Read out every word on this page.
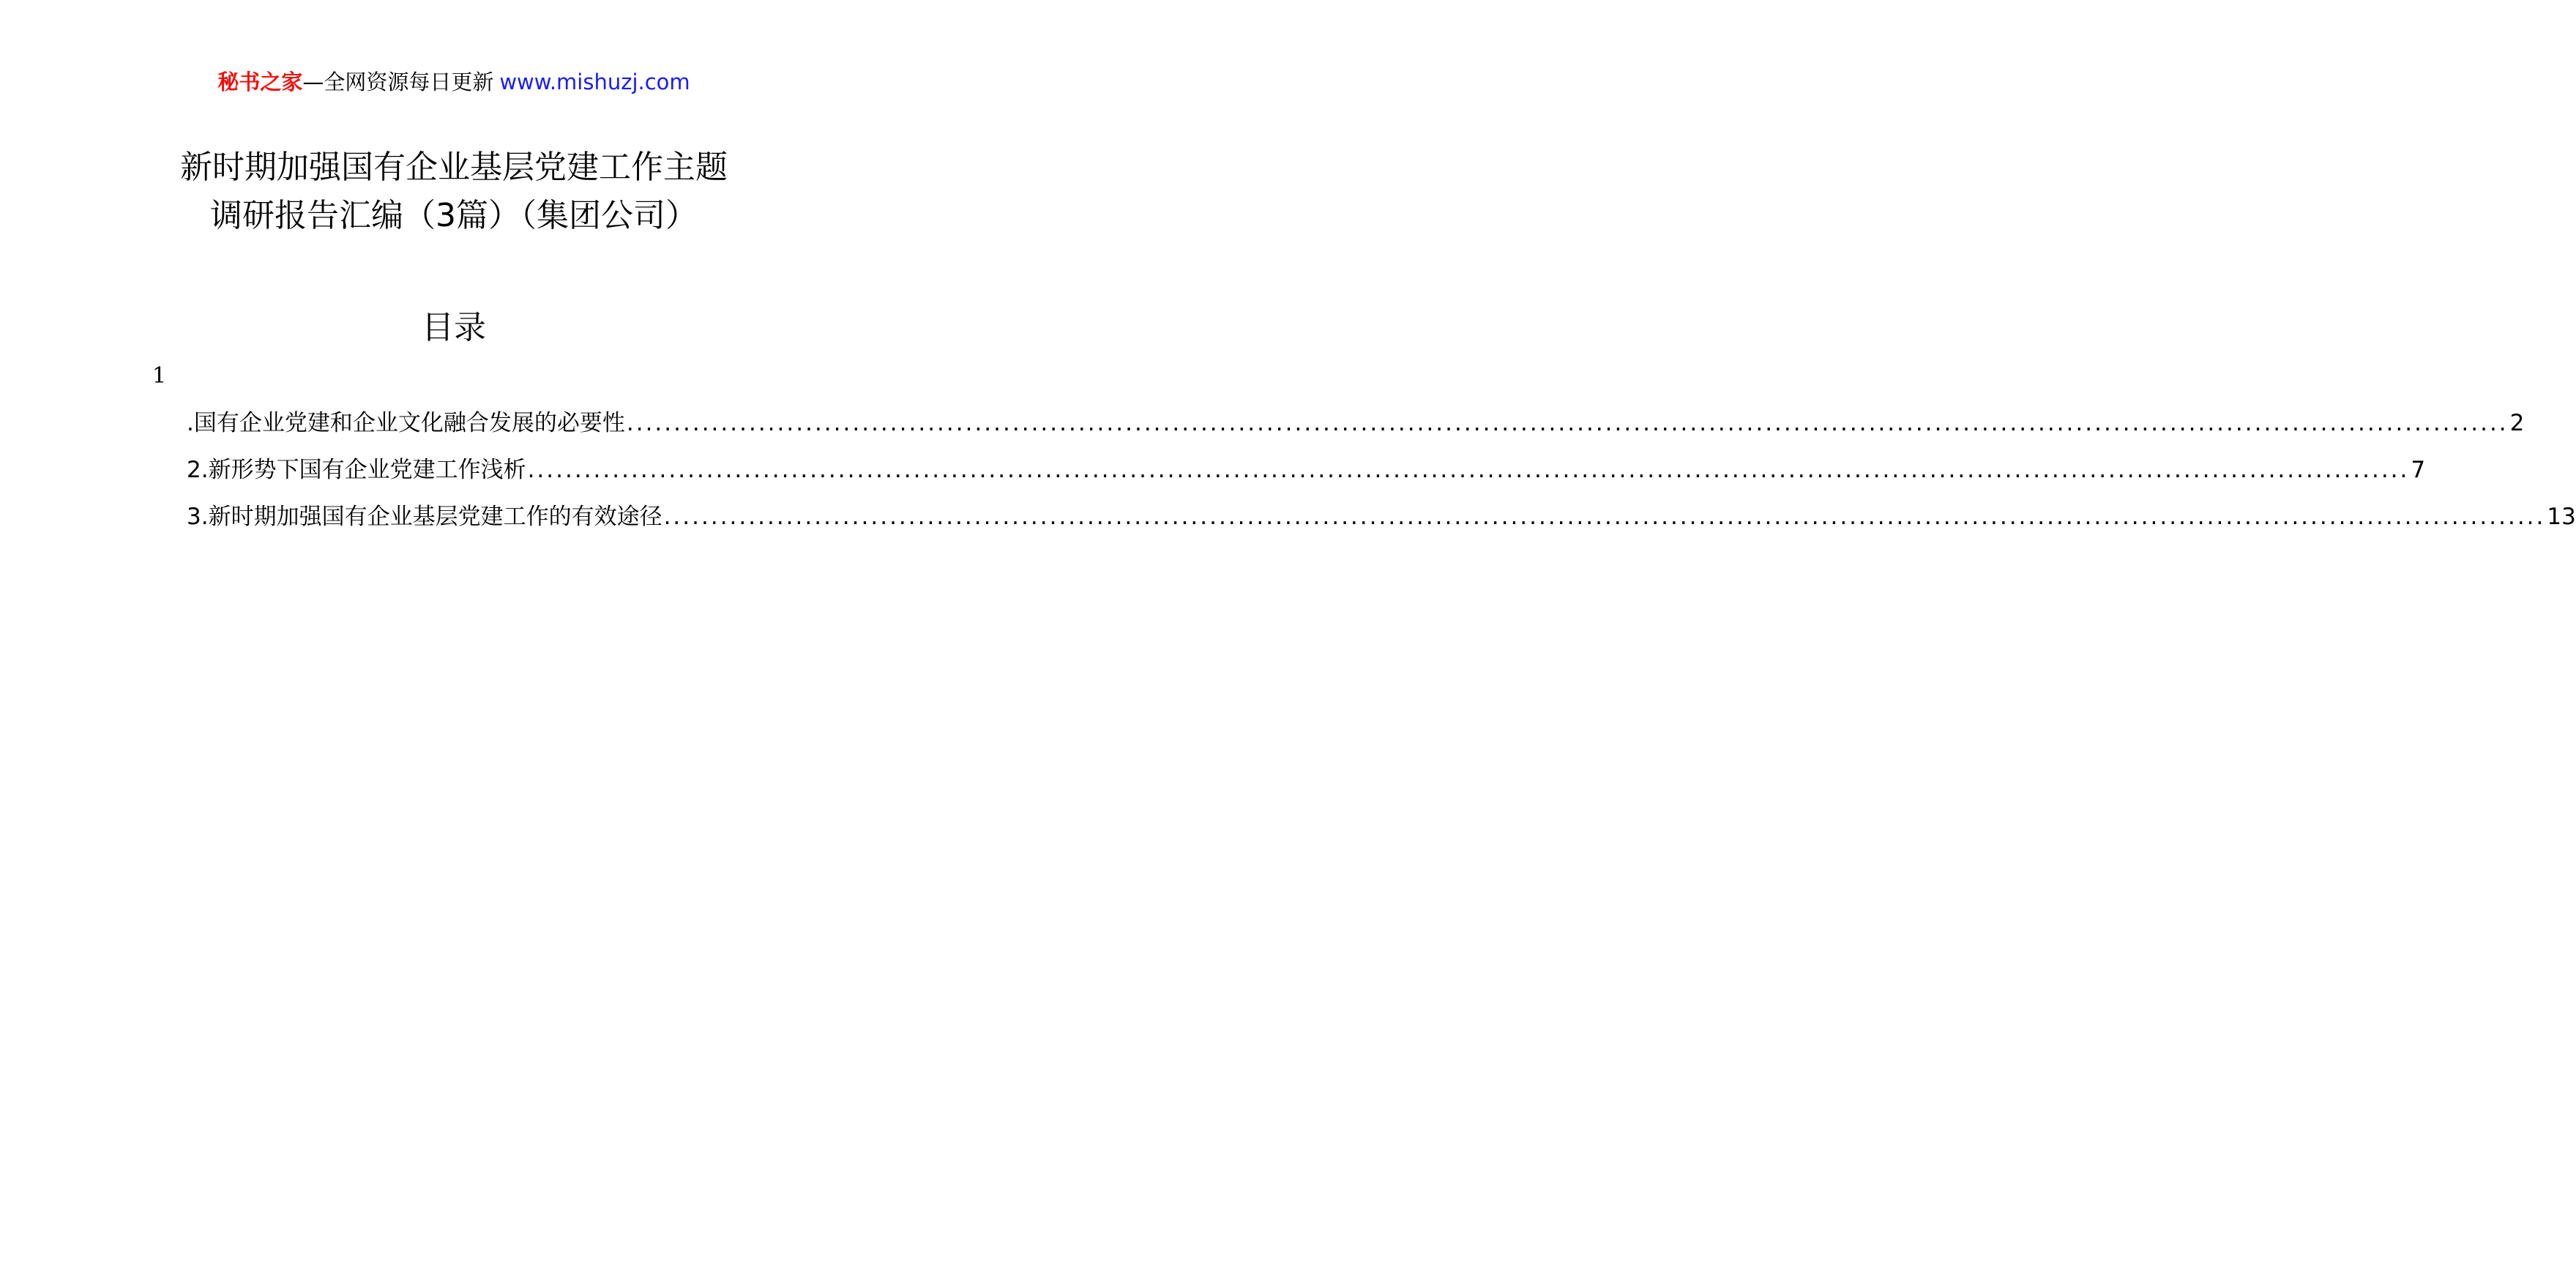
秘书之家—全网资源每日更新 www.mishuzj.com
新时期加强国有企业基层党建工作主题
调研报告汇编（3篇）（集团公司）
目录
1
.国有企业党建和企业文化融合发展的必要性 ........................................................................................................................................................................................................ 2
2.新形势下国有企业党建工作浅析 ........................................................................................................................................................................................................ 7
3.新时期加强国有企业基层党建工作的有效途径 ........................................................................................................................................................................................................ 13
